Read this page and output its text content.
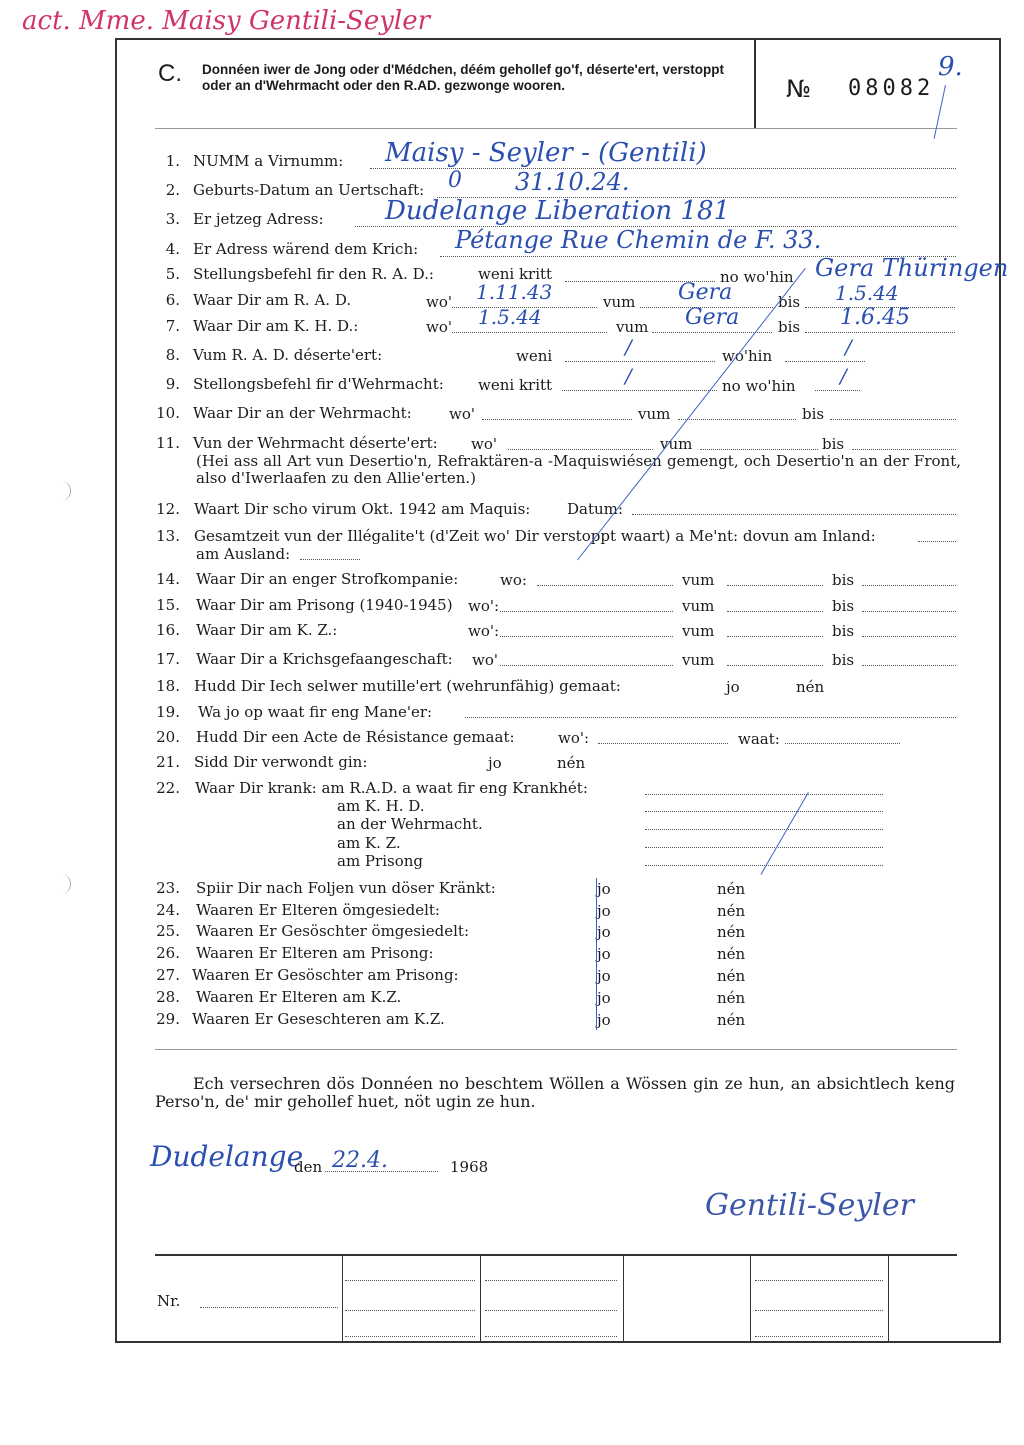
act. Mme. Maisy Gentili-Seyler
C. Donnéen iwer de Jong oder d'Médchen, déém gehollef go'f, déserte'ert, verstoppt oder an d'Wehrmacht oder den R.AD. gezwonge wooren.	№ 08082
9.
1. NUMM a Virnumm: Maisy - Seyler - (Gentili)
2. Geburts-Datum an Uertschaft: 0 31.10.24.
3. Er jetzeg Adress: Dudelange Liberation 181
4. Er Adress wärend dem Krich: Pétange Rue Chemin de F. 33.
5. Stellungsbefehl fir den R. A. D.:	weni kritt	no wo'hin Gera Thüringen
6. Waar Dir am R. A. D.	wo' 1.11.43	vum Gera	bis 1.5.44
7. Waar Dir am K. H. D.:	wo' 1.5.44	vum Gera	bis 1.6.45
8. Vum R. A. D. déserte'ert:	weni	/	wo'hin	/
9. Stellongsbefehl fir d'Wehrmacht: weni kritt	/	no wo'hin /
10. Waar Dir an der Wehrmacht: wo'	vum	bis
11. Vun der Wehrmacht déserte'ert: wo'	vum	bis
(Hei ass all Art vun Desertio'n, Refraktären-a -Maquiswiésen gemengt, och Desertio'n an der Front, also d'Iwerlaafen zu den Allie'erten.)
12. Waart Dir scho virum Okt. 1942 am Maquis: Datum:
13. Gesamtzeit vun der Illégalite't (d'Zeit wo' Dir verstoppt waart) a Me'nt: dovun am Inland:
am Ausland:
14. Waar Dir an enger Strofkompanie:	wo:	vum	bis
15. Waar Dir am Prisong (1940-1945) wo':	vum	bis
16. Waar Dir am K. Z.:	wo':	vum	bis
17. Waar Dir a Krichsgefaangeschaft: wo'	vum	bis
18. Hudd Dir Iech selwer mutille'ert (wehrunfähig) gemaat:	jo	nén
19. Wa jo op waat fir eng Mane'er:
20. Hudd Dir een Acte de Résistance gemaat:	wo':	waat:
21. Sidd Dir verwondt gin:	jo	nén
22. Waar Dir krank: am R.A.D. a waat fir eng Krankhét:
am K. H. D.
an der Wehrmacht.
am K. Z.
am Prisong
23. Spiir Dir nach Foljen vun döser Kränkt:	jo	nén
24. Waaren Er Elteren ömgesiedelt:	jo	nén
25. Waaren Er Gesöschter ömgesiedelt:	jo	nén
26. Waaren Er Elteren am Prisong:	jo	nén
27. Waaren Er Gesöschter am Prisong:	jo	nén
28. Waaren Er Elteren am K.Z.	jo	nén
29. Waaren Er Geseschteren am K.Z.	jo	nén
Ech versechren dös Donnéen no beschtem Wöllen a Wössen gin ze hun, an absichtlech keng Perso'n, de' mir gehollef huet, nöt ugin ze hun.
Dudelange
den 22.4.	1968
Gentili-Seyler
Nr.
